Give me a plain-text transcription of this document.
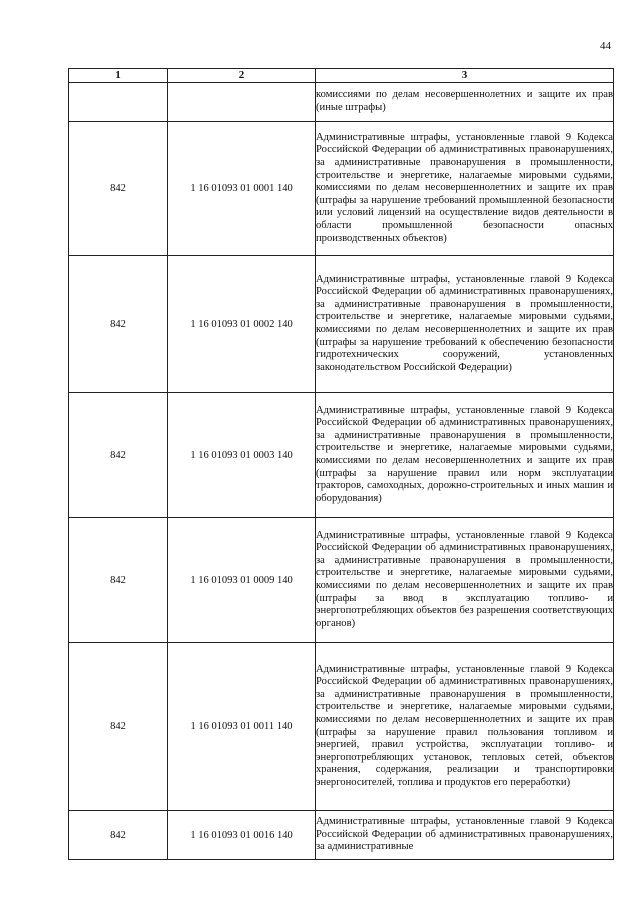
44
1	2	3

		комиссиями по делам несовершеннолетних и защите их прав (иные штрафы)

842	1 16 01093 01 0001 140	Административные штрафы, установленные главой 9 Кодекса Российской Федерации об административных правонарушениях, за административные правонарушения в промышленности, строительстве и энергетике, налагаемые мировыми судьями, комиссиями по делам несовершеннолетних и защите их прав (штрафы за нарушение требований промышленной безопасности или условий лицензий на осуществление видов деятельности в области промышленной безопасности опасных производственных объектов)

842	1 16 01093 01 0002 140	Административные штрафы, установленные главой 9 Кодекса Российской Федерации об административных правонарушениях, за административные правонарушения в промышленности, строительстве и энергетике, налагаемые мировыми судьями, комиссиями по делам несовершеннолетних и защите их прав (штрафы за нарушение требований к обеспечению безопасности гидротехнических сооружений, установленных законодательством Российской Федерации)

842	1 16 01093 01 0003 140	Административные штрафы, установленные главой 9 Кодекса Российской Федерации об административных правонарушениях, за административные правонарушения в промышленности, строительстве и энергетике, налагаемые мировыми судьями, комиссиями по делам несовершеннолетних и защите их прав (штрафы за нарушение правил или норм эксплуатации тракторов, самоходных, дорожно-строительных и иных машин и оборудования)

842	1 16 01093 01 0009 140	Административные штрафы, установленные главой 9 Кодекса Российской Федерации об административных правонарушениях, за административные правонарушения в промышленности, строительстве и энергетике, налагаемые мировыми судьями, комиссиями по делам несовершеннолетних и защите их прав (штрафы за ввод в эксплуатацию топливо- и энергопотребляющих объектов без разрешения соответствующих органов)

842	1 16 01093 01 0011 140	Административные штрафы, установленные главой 9 Кодекса Российской Федерации об административных правонарушениях, за административные правонарушения в промышленности, строительстве и энергетике, налагаемые мировыми судьями, комиссиями по делам несовершеннолетних и защите их прав (штрафы за нарушение правил пользования топливом и энергией, правил устройства, эксплуатации топливо- и энергопотребляющих установок, тепловых сетей, объектов хранения, содержания, реализации и транспортировки энергоносителей, топлива и продуктов его переработки)

842	1 16 01093 01 0016 140	Административные штрафы, установленные главой 9 Кодекса Российской Федерации об административных правонарушениях, за административные
